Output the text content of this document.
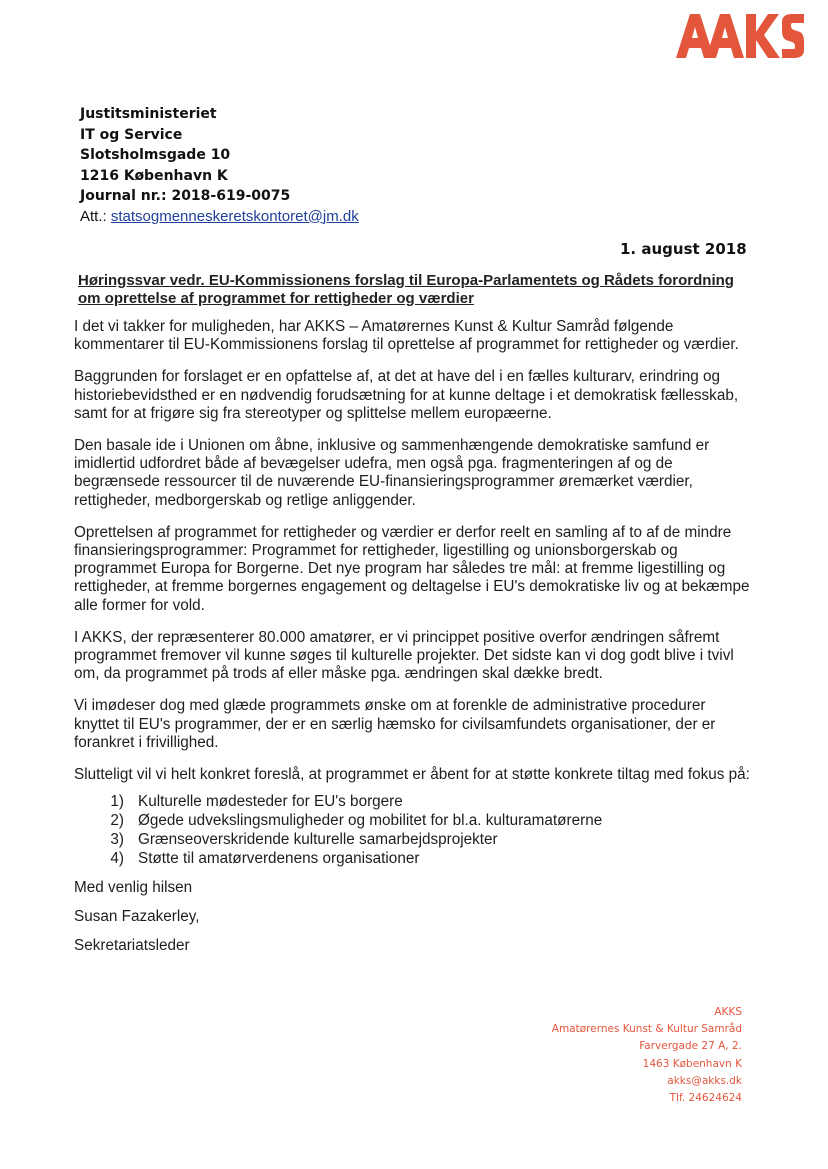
Justitsministeriet
IT og Service
Slotsholmsgade 10
1216 København K
Journal nr.: 2018-619-0075
Att.: statsogmenneskeretskontoret@jm.dk
1. august 2018
Høringssvar vedr. EU-Kommissionens forslag til Europa-Parlamentets og Rådets forordning om oprettelse af programmet for rettigheder og værdier

I det vi takker for muligheden, har AKKS – Amatørernes Kunst & Kultur Samråd følgende kommentarer til EU-Kommissionens forslag til oprettelse af programmet for rettigheder og værdier.

Baggrunden for forslaget er en opfattelse af, at det at have del i en fælles kulturarv, erindring og historiebevidsthed er en nødvendig forudsætning for at kunne deltage i et demokratisk fællesskab, samt for at frigøre sig fra stereotyper og splittelse mellem europæerne.

Den basale ide i Unionen om åbne, inklusive og sammenhængende demokratiske samfund er imidlertid udfordret både af bevægelser udefra, men også pga. fragmenteringen af og de begrænsede ressourcer til de nuværende EU-finansieringsprogrammer øremærket værdier, rettigheder, medborgerskab og retlige anliggender.

Oprettelsen af programmet for rettigheder og værdier er derfor reelt en samling af to af de mindre finansieringsprogrammer: Programmet for rettigheder, ligestilling og unionsborgerskab og programmet Europa for Borgerne. Det nye program har således tre mål: at fremme ligestilling og rettigheder, at fremme borgernes engagement og deltagelse i EU's demokratiske liv og at bekæmpe alle former for vold.

I AKKS, der repræsenterer 80.000 amatører, er vi princippet positive overfor ændringen såfremt programmet fremover vil kunne søges til kulturelle projekter. Det sidste kan vi dog godt blive i tvivl om, da programmet på trods af eller måske pga. ændringen skal dække bredt.

Vi imødeser dog med glæde programmets ønske om at forenkle de administrative procedurer knyttet til EU's programmer, der er en særlig hæmsko for civilsamfundets organisationer, der er forankret i frivillighed.

Slutteligt vil vi helt konkret foreslå, at programmet er åbent for at støtte konkrete tiltag med fokus på:

1) Kulturelle mødesteder for EU's borgere
2) Øgede udvekslingsmuligheder og mobilitet for bl.a. kulturamatørerne
3) Grænseoverskridende kulturelle samarbejdsprojekter
4) Støtte til amatørverdenens organisationer

Med venlig hilsen

Susan Fazakerley,

Sekretariatsleder

AKKS
Amatørernes Kunst & Kultur Samråd
Farvergade 27 A, 2.
1463 København K
akks@akks.dk
Tlf. 24624624
